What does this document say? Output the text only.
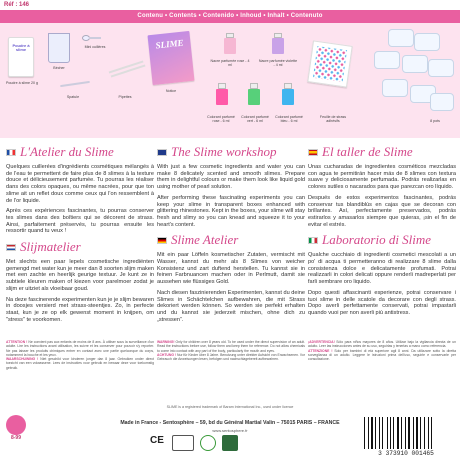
Réf : 146
Contenu • Contents • Contenido • Inhoud • Inhalt • Contenuto
Poudre à slime
Poudre à slime 20 g
Bécher
Mini cuillères
Spatule	Pipettes
SLIME
Notice
Nacre parfumée rose - 4 ml
Nacre parfumée violette - 4 ml
Colorant parfumé rose - 6 ml
Colorant parfumé vert - 6 ml
Colorant parfumé bleu - 6 ml
Feuille de strass adhésifs	8 pots
L'Atelier du Slime

Quelques cuillerées d'ingrédients cosmétiques mélangés à de l'eau te permettent de faire plus de 8 slimes à la texture douce et délicieusement parfumée. Tu pourras les réaliser dans des colors opaques, ou même nacrées, pour que ton slime ait un reflet doux comme ceux qui l'on ressemblent à de l'or liquide.

Après ces expériences fascinantes, tu pourras conserver tes slimes dans des boîtiers qui se décorent de strass. Ainsi, parfaitement préservés, tu pourras ensuite les ressortir quand tu veux !

Slijmatelier

Met slechts een paar lepels cosmetische ingrediënten gemengd met water kun je meer dan 8 soorten slijm maken met een zachte en heerlijk geurige textuur. Je kunt ze in subtiele kleuren maken of kiezen voor parelmoer zodat je slijm er uitziet als vloeibaar goud.

Na deze fascinerende experimenten kun je je slijm bewaren in doosjes versierd met strass-steentjes. Zo, in perfecte staat, kun je ze op elk gewenst moment in knijpen, om "stress" te voorkomen.

The Slime workshop

With just a few cosmetic ingredients and water you can make 8 delicately scented and smooth slimes. Prepare them in delightful colours or make them look like liquid gold using mother of pearl solution.

After performing these fascinating experiments you can keep your slime in transparent boxes enhanced with glittering rhinestones. Kept in the boxes, your slime will stay fresh and slimy so you can knead and squeeze it to your heart's content.

Slime Atelier

Mit ein paar Löffeln kosmetischer Zutaten, vermischt mit Wasser, kannst du mehr als 8 Slimes von weicher Konsistenz und zart duftend herstellen. Tu kannst sie in feinen Farbnuancen machen oder in Perlmutt, damit sie aussehen wie flüssiges Gold.

Nach diesen faszinierenden Experimenten, kannst du deine Slimes in Schächtelchen aufbewahren, die mit Strass dekoriert werden können. So werden sie perfekt erhalten und du kannst sie jederzeit mischen, ohne dich zu „stressen“.

El taller de Slime

Unas cucharadas de ingredientes cosméticos mezcladas con agua te permitirán hacer más de 8 slimes con textura suave y deliciosamente perfumada. Podrás realizarlas en colores sutiles o nacarados para que parezcan oro líquido.

Después de estos experimentos fascinantes, podrás conservar tus blandiblús en cajas que se decoran con brillantes. Así, perfectamente preservados, podrás estirarlos y amasarlos siempre que quieras, ¡sin el fin de evitar el estrés.

Laboratorio di Slime

Qualche cucchiaio di ingredienti cosmetici mescolati a un po' di acqua ti permetteranno di realizzare 8 slime dalla consistenza dolce e delicatamente profumati. Potrai realizzarli in colori delicati oppure renderli madreperlati per farli sembrare oro liquido.

Dopo questi affascinanti esperienze, potrai conservare i tuoi slime in delle scatole da decorare con degli strass. Dopo averli perfettamente conservati, potrai impastarli quando vuoi per non averli più antistress.

ATTENTION ! Ne convient pas aux enfants de moins de 8 ans. À utiliser sous la surveillance d'un adulte. Lire les instructions avant utilisation, les suivre et les conserver pour pouvoir s'y reporter. Ne pas laisser les produits chimiques entrer en contact avec une partie quelconque du corps, notamment la bouche et les yeux.
WAARSCHUWING ! Niet geschikt voor kinderen jonger dan 8 jaar. Gebruiken onder direct toezicht van een volwassene. Lees de instructies voor gebruik en bewaar deze voor toekomstig gebruik.
WARNING! Only for children over 8 years old. To be used under the direct supervision of an adult. Read the instructions before use, follow them and keep them for reference. Do not allow chemicals to come into contact with any part of the body, particularly the mouth and eyes.
ACHTUNG ! Nur für Kinder über 8 Jahre. Benutzung unter direkter Aufsicht von Erwachsenen. Vor Gebrauch die Anweisungen lesen, befolgen und nachschlagebereit aufbewahren.
¡ADVERTENCIA! Sólo para niños mayores de 8 años. Utilizar bajo la vigilancia directa de un adulto. Leer las instrucciones antes de su uso, seguirlas y tenerlas a mano como referencia.
ATTENZIONE ! Solo per bambini di età superiore agli 8 anni. Da utilizzare sotto la diretta sorveglianza di un adulto. Leggere le istruzioni prima dell'uso, seguirle e conservarle per consultazione.
SLIME is a registered trademark of Baram International Inc., used under licence
8-99
Made in France - Sentosphère – 59, bd du Général Martial Valin – 75015 PARIS – FRANCE
www.sentosphere.fr
CE
3 373910 001465
